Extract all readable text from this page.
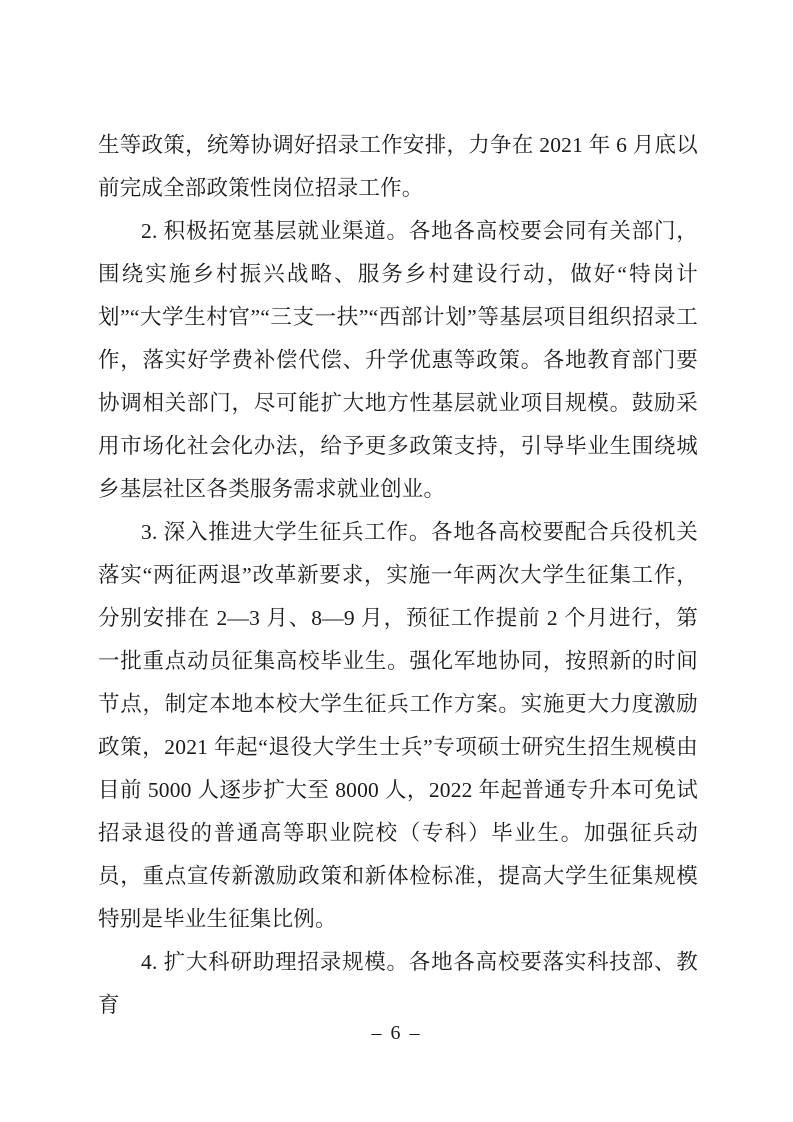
生等政策，统筹协调好招录工作安排，力争在 2021 年 6 月底以前完成全部政策性岗位招录工作。

2. 积极拓宽基层就业渠道。各地各高校要会同有关部门，围绕实施乡村振兴战略、服务乡村建设行动，做好“特岗计划”“大学生村官”“三支一扶”“西部计划”等基层项目组织招录工作，落实好学费补偿代偿、升学优惠等政策。各地教育部门要协调相关部门，尽可能扩大地方性基层就业项目规模。鼓励采用市场化社会化办法，给予更多政策支持，引导毕业生围绕城乡基层社区各类服务需求就业创业。

3. 深入推进大学生征兵工作。各地各高校要配合兵役机关落实“两征两退”改革新要求，实施一年两次大学生征集工作，分别安排在 2—3 月、8—9 月，预征工作提前 2 个月进行，第一批重点动员征集高校毕业生。强化军地协同，按照新的时间节点，制定本地本校大学生征兵工作方案。实施更大力度激励政策，2021 年起“退役大学生士兵”专项硕士研究生招生规模由目前 5000 人逐步扩大至 8000 人，2022 年起普通专升本可免试招录退役的普通高等职业院校（专科）毕业生。加强征兵动员，重点宣传新激励政策和新体检标准，提高大学生征集规模特别是毕业生征集比例。

4. 扩大科研助理招录规模。各地各高校要落实科技部、教育

– 6 –
